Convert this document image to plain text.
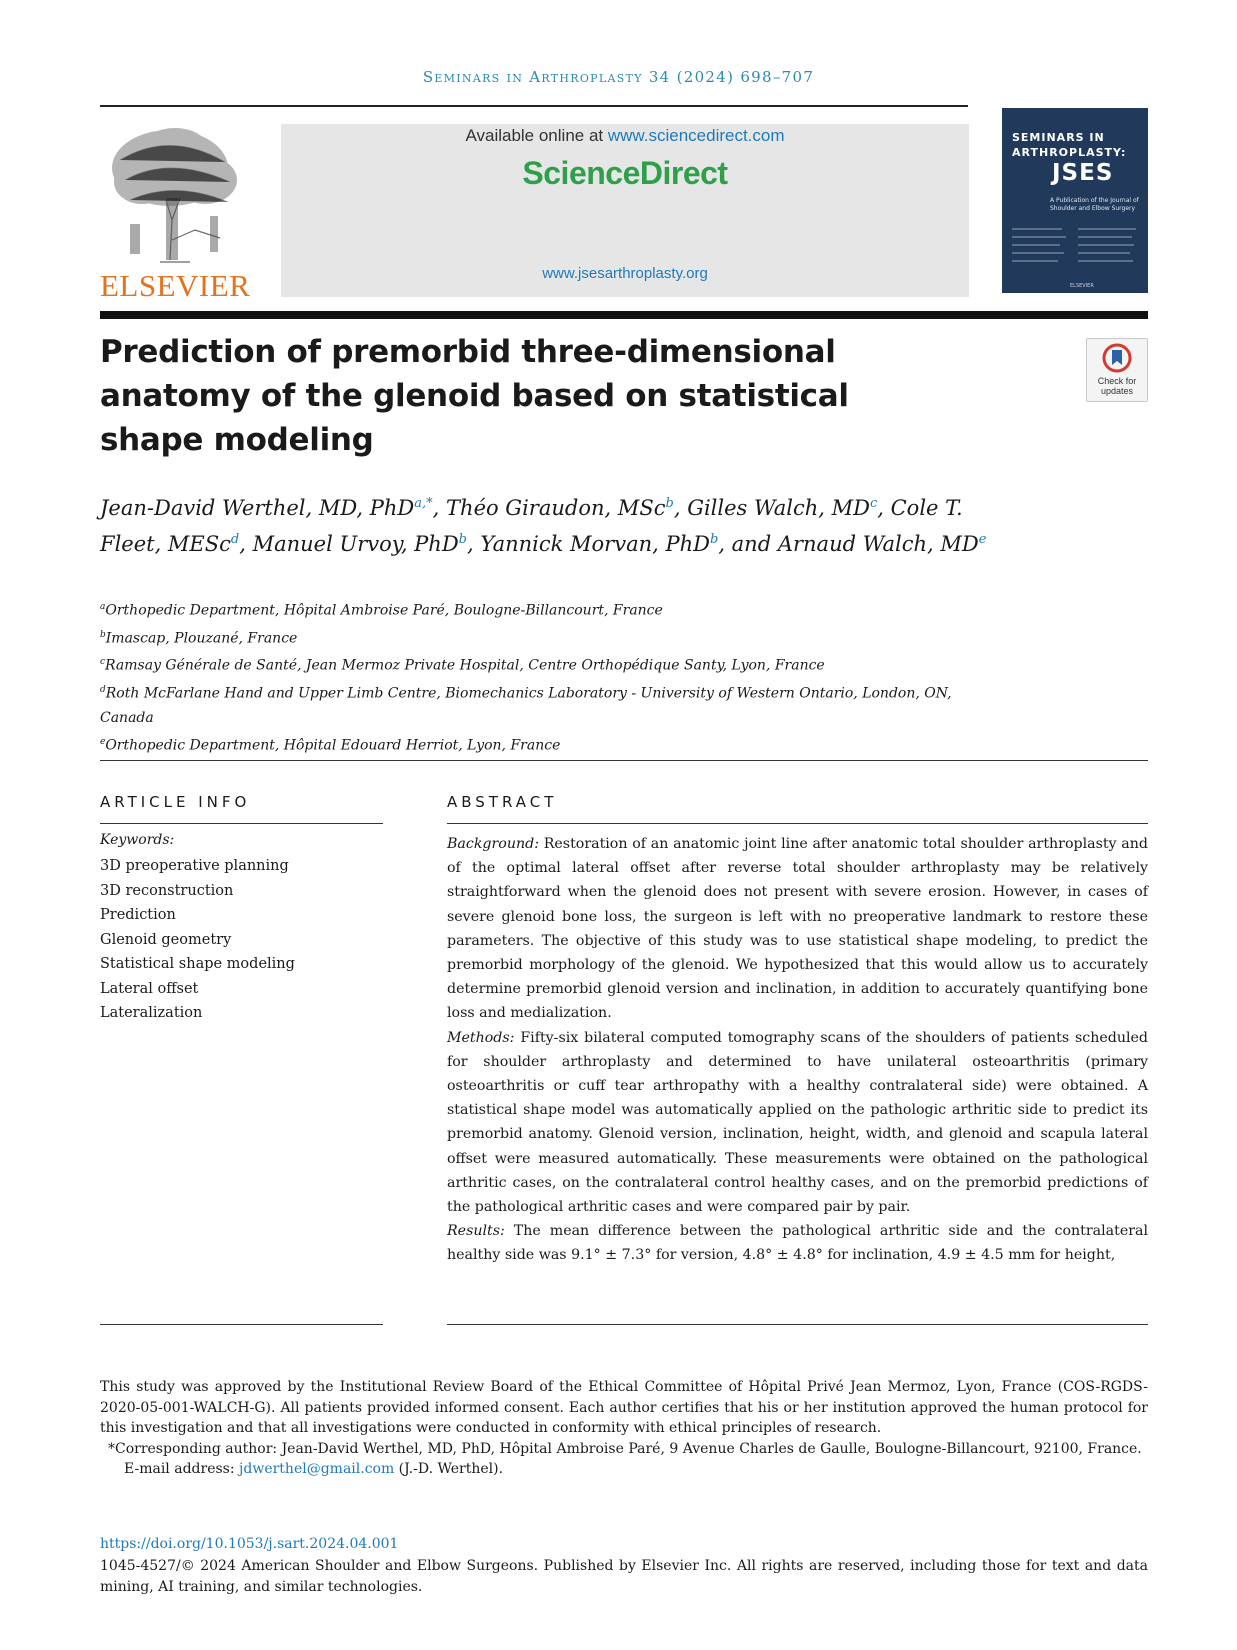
Seminars in Arthroplasty 34 (2024) 698–707
ELSEVIER
Available online at www.sciencedirect.com
ScienceDirect
www.jsesarthroplasty.org
SEMINARS IN
ARTHROPLASTY:
JSES
A Publication of the Journal of Shoulder and Elbow Surgery
ELSEVIER
Prediction of premorbid three-dimensional anatomy of the glenoid based on statistical shape modeling
Check for updates
Jean-David Werthel, MD, PhD$^{a,*}$, Théo Giraudon, MSc$^b$, Gilles Walch, $MD^c$, Cole T. Fleet, MESc$^d$, Manuel Urvoy, PhD$^b$, Yannick Morvan, PhD$^b$, and Arnaud Walch, MDe
$^a$Orthopedic Department, Hôpital Ambroise Paré, Boulogne-Billancourt, France
$^b$Imascap, Plouzané, France
$^c$Ramsay Générale de Santé, Jean Mermoz Private Hospital, Centre Orthopédique Santy, Lyon, France
$^d$Roth McFarlane Hand and Upper Limb Centre, Biomechanics Laboratory - University of Western Ontario, London, ON, Canada
$^e$Orthopedic Department, Hôpital Edouard Herriot, Lyon, France
ARTICLE INFO
Keywords:
3D preoperative planning
3D reconstruction
Prediction
Glenoid geometry
Statistical shape modeling
Lateral offset
Lateralization
ABSTRACT

Background: Restoration of an anatomic joint line after anatomic total shoulder arthroplasty and of the optimal lateral offset after reverse total shoulder arthroplasty may be relatively straightforward when the glenoid does not present with severe erosion. However, in cases of severe glenoid bone loss, the surgeon is left with no preoperative landmark to restore these parameters. The objective of this study was to use statistical shape modeling, to predict the premorbid morphology of the glenoid. We hypothesized that this would allow us to accurately determine premorbid glenoid version and inclination, in addition to accurately quantifying bone loss and medialization.

Methods: Fifty-six bilateral computed tomography scans of the shoulders of patients scheduled for shoulder arthroplasty and determined to have unilateral osteoarthritis (primary osteoarthritis or cuff tear arthropathy with a healthy contralateral side) were obtained. A statistical shape model was automatically applied on the pathologic arthritic side to predict its premorbid anatomy. Glenoid version, inclination, height, width, and glenoid and scapula lateral offset were measured automatically. These measurements were obtained on the pathological arthritic cases, on the contralateral control healthy cases, and on the premorbid predictions of the pathological arthritic cases and were compared pair by pair.

Results: The mean difference between the pathological arthritic side and the contralateral healthy side was 9.1° ± 7.3° for version, 4.8° ± 4.8° for inclination, 4.9 ± 4.5 mm for height,

This study was approved by the Institutional Review Board of the Ethical Committee of Hôpital Privé Jean Mermoz, Lyon, France (COS-RGDS-2020-05-001-WALCH-G). All patients provided informed consent. Each author certifies that his or her institution approved the human protocol for this investigation and that all investigations were conducted in conformity with ethical principles of research.

*Corresponding author: Jean-David Werthel, MD, PhD, Hôpital Ambroise Paré, 9 Avenue Charles de Gaulle, Boulogne-Billancourt, 92100, France.

E-mail address: jdwerthel@gmail.com (J.-D. Werthel).

https://doi.org/10.1053/j.sart.2024.04.001
1045-4527/© 2024 American Shoulder and Elbow Surgeons. Published by Elsevier Inc. All rights are reserved, including those for text and data mining, AI training, and similar technologies.
